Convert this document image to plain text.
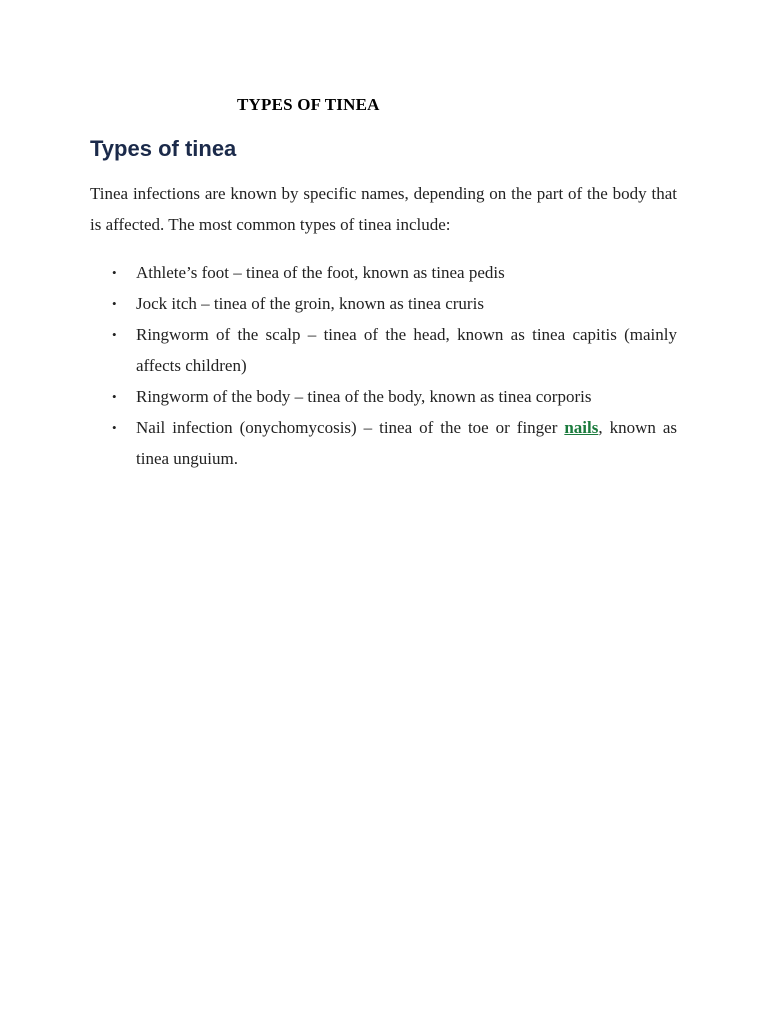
TYPES OF TINEA
Types of tinea

Tinea infections are known by specific names, depending on the part of the body that is affected. The most common types of tinea include:

• Athlete’s foot – tinea of the foot, known as tinea pedis
• Jock itch – tinea of the groin, known as tinea cruris
• Ringworm of the scalp – tinea of the head, known as tinea capitis (mainly affects children)
• Ringworm of the body – tinea of the body, known as tinea corporis
• Nail infection (onychomycosis) – tinea of the toe or finger nails, known as tinea unguium.
